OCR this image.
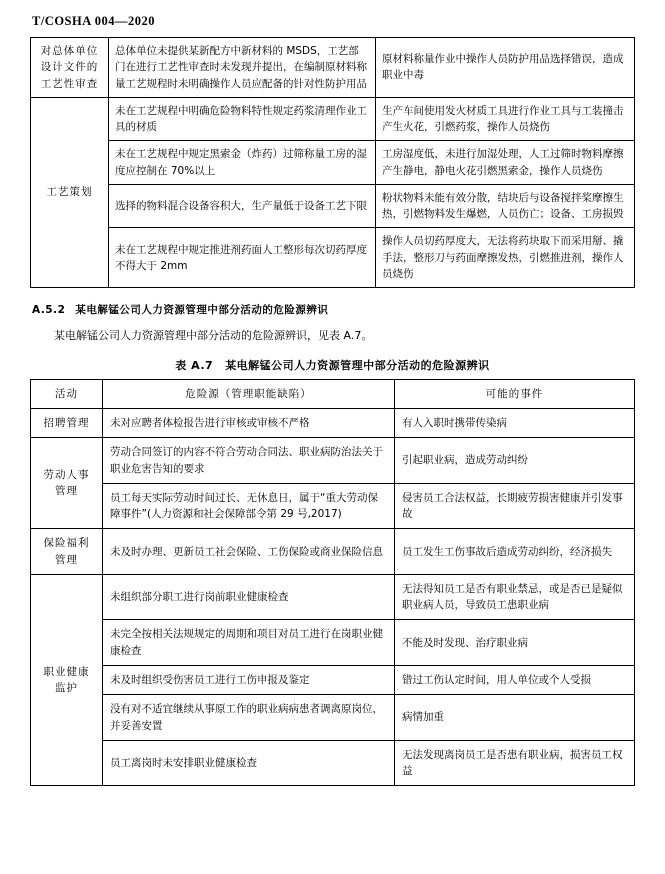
T/COSHA 004—2020
对总体单位设计文件的工艺性审查	总体单位未提供某新配方中新材料的 MSDS，工艺部门在进行工艺性审查时未发现并提出，在编制原材料称量工艺规程时未明确操作人员应配备的针对性防护用品	原材料称量作业中操作人员防护用品选择错误，造成职业中毒
工艺策划	未在工艺规程中明确危险物料特性规定药浆清理作业工具的材质	生产车间使用发火材质工具进行作业工具与工装撞击产生火花，引燃药浆，操作人员烧伤
	未在工艺规程中规定黑索金（炸药）过筛称量工房的湿度应控制在 70%以上	工房湿度低，未进行加湿处理，人工过筛时物料摩擦产生静电，静电火花引燃黑索金，操作人员烧伤
	选择的物料混合设备容积大，生产量低于设备工艺下限	粉状物料未能有效分散，结块后与设备搅拌桨摩擦生热，引燃物料发生爆燃，人员伤亡；设备、工房损毁
	未在工艺规程中规定推进剂药面人工整形每次切药厚度不得大于 2mm	操作人员切药厚度大，无法将药块取下而采用掰、撬手法，整形刀与药面摩擦发热，引燃推进剂，操作人员烧伤
A.5.2 某电解锰公司人力资源管理中部分活动的危险源辨识

某电解锰公司人力资源管理中部分活动的危险源辨识，见表 A.7。

表 A.7 某电解锰公司人力资源管理中部分活动的危险源辨识
活动	危险源（管理职能缺陷）	可能的事件
招聘管理	未对应聘者体检报告进行审核或审核不严格	有人入职时携带传染病
劳动人事管理	劳动合同签订的内容不符合劳动合同法、职业病防治法关于职业危害告知的要求	引起职业病，造成劳动纠纷
	员工每天实际劳动时间过长、无休息日，属于“重大劳动保障事件”(人力资源和社会保障部令第 29 号,2017)	侵害员工合法权益，长期疲劳损害健康并引发事故
保险福利管理	未及时办理、更新员工社会保险、工伤保险或商业保险信息	员工发生工伤事故后造成劳动纠纷，经济损失
职业健康监护	未组织部分职工进行岗前职业健康检查	无法得知员工是否有职业禁忌，或是否已是疑似职业病人员，导致员工患职业病
	未完全按相关法规规定的周期和项目对员工进行在岗职业健康检查	不能及时发现、治疗职业病
	未及时组织受伤害员工进行工伤申报及鉴定	错过工伤认定时间，用人单位或个人受损
	没有对不适宜继续从事原工作的职业病病患者调离原岗位，并妥善安置	病情加重
	员工离岗时未安排职业健康检查	无法发现离岗员工是否患有职业病，损害员工权益
